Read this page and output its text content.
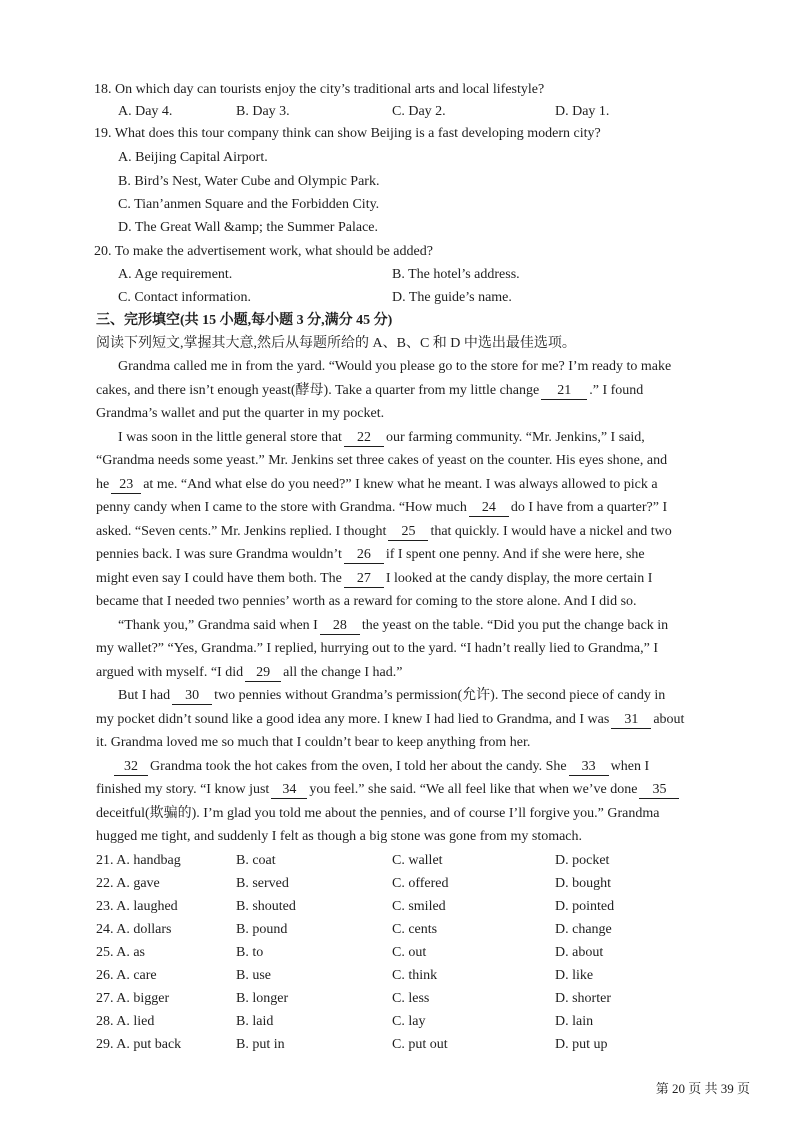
18. On which day can tourists enjoy the city’s traditional arts and local lifestyle?
A. Day 4.	B. Day 3.	C. Day 2.	D. Day 1.
19. What does this tour company think can show Beijing is a fast developing modern city?
A. Beijing Capital Airport.
B. Bird’s Nest, Water Cube and Olympic Park.
C. Tian’anmen Square and the Forbidden City.
D. The Great Wall &amp; the Summer Palace.
20. To make the advertisement work, what should be added?
A. Age requirement.	B. The hotel’s address.
C. Contact information.	D. The guide’s name.
三、完形填空(共 15 小题,每小题 3 分,满分 45 分)
阅读下列短文,掌握其大意,然后从每题所给的 A、B、C 和 D 中选出最佳选项。
Grandma called me in from the yard. “Would you please go to the store for me? I’m ready to make
cakes, and there isn’t enough yeast(酵母). Take a quarter from my little change 21 .” I found
Grandma’s wallet and put the quarter in my pocket.
I was soon in the little general store that 22 our farming community. “Mr. Jenkins,” I said,
“Grandma needs some yeast.” Mr. Jenkins set three cakes of yeast on the counter. His eyes shone, and
he 23 at me. “And what else do you need?” I knew what he meant. I was always allowed to pick a
penny candy when I came to the store with Grandma. “How much 24 do I have from a quarter?” I
asked. “Seven cents.” Mr. Jenkins replied. I thought 25 that quickly. I would have a nickel and two
pennies back. I was sure Grandma wouldn’t 26 if I spent one penny. And if she were here, she
might even say I could have them both. The 27 I looked at the candy display, the more certain I
became that I needed two pennies’ worth as a reward for coming to the store alone. And I did so.
“Thank you,” Grandma said when I 28 the yeast on the table. “Did you put the change back in
my wallet?” “Yes, Grandma.” I replied, hurrying out to the yard. “I hadn’t really lied to Grandma,” I
argued with myself. “I did 29 all the change I had.”
But I had 30 two pennies without Grandma’s permission(允许). The second piece of candy in
my pocket didn’t sound like a good idea any more. I knew I had lied to Grandma, and I was 31 about
it. Grandma loved me so much that I couldn’t bear to keep anything from her.
32 Grandma took the hot cakes from the oven, I told her about the candy. She 33 when I
finished my story. “I know just 34 you feel.” she said. “We all feel like that when we’ve done 35
deceitful(欺骗的). I’m glad you told me about the pennies, and of course I’ll forgive you.” Grandma
hugged me tight, and suddenly I felt as though a big stone was gone from my stomach.
21. A. handbag	B. coat	C. wallet	D. pocket
22. A. gave	B. served	C. offered	D. bought
23. A. laughed	B. shouted	C. smiled	D. pointed
24. A. dollars	B. pound	C. cents	D. change
25. A. as	B. to	C. out	D. about
26. A. care	B. use	C. think	D. like
27. A. bigger	B. longer	C. less	D. shorter
28. A. lied	B. laid	C. lay	D. lain
29. A. put back	B. put in	C. put out	D. put up
第 20 页 共 39 页
